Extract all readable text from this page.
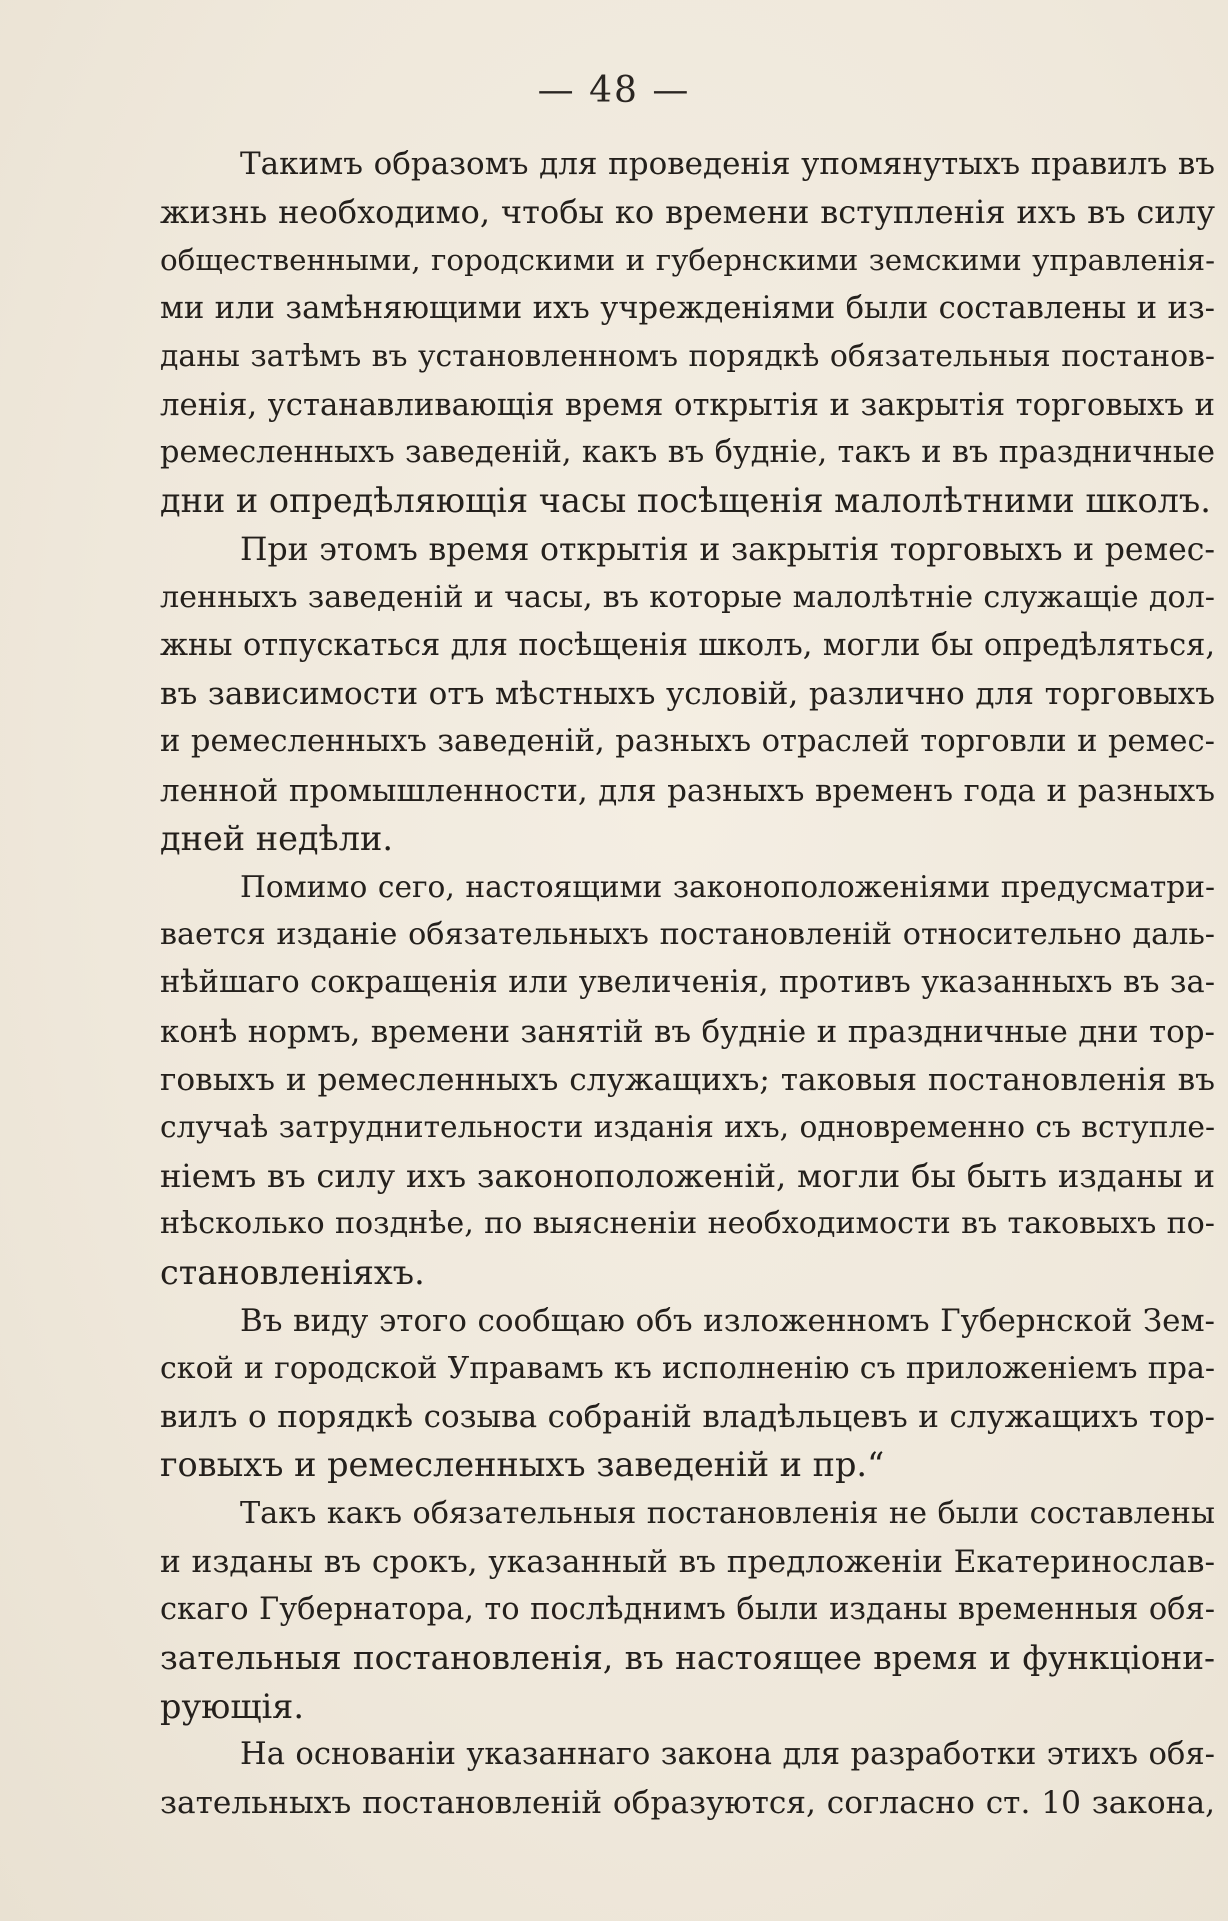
— 48 —
Такимъ образомъ для проведенія упомянутыхъ правилъ въ
жизнь необходимо, чтобы ко времени вступленія ихъ въ силу
общественными, городскими и губернскими земскими управленія-
ми или замѣняющими ихъ учрежденіями были составлены и из-
даны затѣмъ въ установленномъ порядкѣ обязательныя постанов-
ленія, устанавливающія время открытія и закрытія торговыхъ и
ремесленныхъ заведеній, какъ въ будніе, такъ и въ праздничные
дни и опредѣляющія часы посѣщенія малолѣтними школъ.
При этомъ время открытія и закрытія торговыхъ и ремес-
ленныхъ заведеній и часы, въ которые малолѣтніе служащіе дол-
жны отпускаться для посѣщенія школъ, могли бы опредѣляться,
въ зависимости отъ мѣстныхъ условій, различно для торговыхъ
и ремесленныхъ заведеній, разныхъ отраслей торговли и ремес-
ленной промышленности, для разныхъ временъ года и разныхъ
дней недѣли.
Помимо сего, настоящими законоположеніями предусматри-
вается изданіе обязательныхъ постановленій относительно даль-
нѣйшаго сокращенія или увеличенія, противъ указанныхъ въ за-
конѣ нормъ, времени занятій въ будніе и праздничные дни тор-
говыхъ и ремесленныхъ служащихъ; таковыя постановленія въ
случаѣ затруднительности изданія ихъ, одновременно съ вступле-
ніемъ въ силу ихъ законоположеній, могли бы быть изданы и
нѣсколько позднѣе, по выясненіи необходимости въ таковыхъ по-
становленіяхъ.
Въ виду этого сообщаю объ изложенномъ Губернской Зем-
ской и городской Управамъ къ исполненію съ приложеніемъ пра-
вилъ о порядкѣ созыва собраній владѣльцевъ и служащихъ тор-
говыхъ и ремесленныхъ заведеній и пр.“
Такъ какъ обязательныя постановленія не были составлены
и изданы въ срокъ, указанный въ предложеніи Екатеринослав-
скаго Губернатора, то послѣднимъ были изданы временныя обя-
зательныя постановленія, въ настоящее время и функціони-
рующія.
На основаніи указаннаго закона для разработки этихъ обя-
зательныхъ постановленій образуются, согласно ст. 10 закона,
